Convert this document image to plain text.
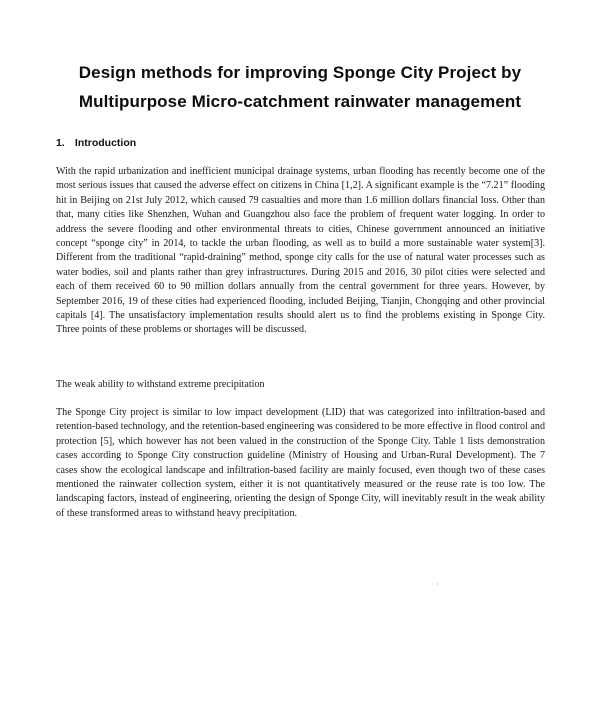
Design methods for improving Sponge City Project by
Multipurpose Micro-catchment rainwater management
1. Introduction
With the rapid urbanization and inefficient municipal drainage systems, urban flooding has recently become one of the most serious issues that caused the adverse effect on citizens in China [1,2]. A significant example is the “7.21” flooding hit in Beijing on 21st July 2012, which caused 79 casualties and more than 1.6 million dollars financial loss. Other than that, many cities like Shenzhen, Wuhan and Guangzhou also face the problem of frequent water logging. In order to address the severe flooding and other environmental threats to cities, Chinese government announced an initiative concept “sponge city” in 2014, to tackle the urban flooding, as well as to build a more sustainable water system[3]. Different from the traditional “rapid-draining” method, sponge city calls for the use of natural water processes such as water bodies, soil and plants rather than grey infrastructures. During 2015 and 2016, 30 pilot cities were selected and each of them received 60 to 90 million dollars annually from the central government for three years. However, by September 2016, 19 of these cities had experienced flooding, included Beijing, Tianjin, Chongqing and other provincial capitals [4]. The unsatisfactory implementation results should alert us to find the problems existing in Sponge City. Three points of these problems or shortages will be discussed.
The weak ability to withstand extreme precipitation
The Sponge City project is similar to low impact development (LID) that was categorized into infiltration-based and retention-based technology, and the retention-based engineering was considered to be more effective in flood control and protection [5], which however has not been valued in the construction of the Sponge City. Table 1 lists demonstration cases according to Sponge City construction guideline (Ministry of Housing and Urban-Rural Development). The 7 cases show the ecological landscape and infiltration-based facility are mainly focused, even though two of these cases mentioned the rainwater collection system, either it is not quantitatively measured or the reuse rate is too low. The landscaping factors, instead of engineering, orienting the design of Sponge City, will inevitably result in the weak ability of these transformed areas to withstand heavy precipitation.
·
